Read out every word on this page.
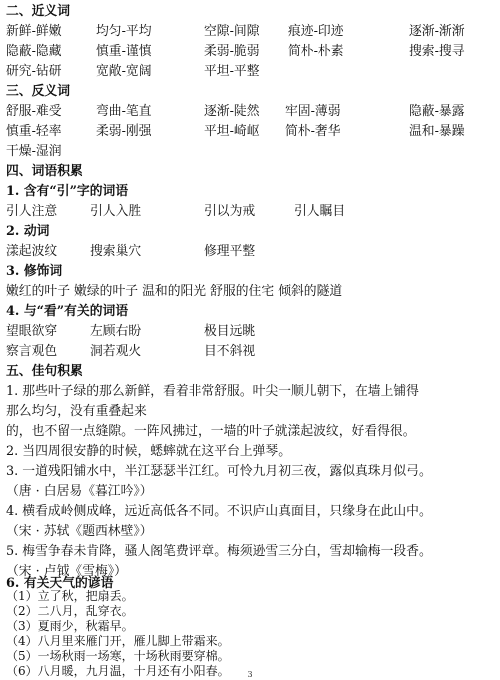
二、近义词
新鲜-鲜嫩	均匀-平均	空隙-间隙 痕迹-印迹	逐渐-渐渐
隐蔽-隐藏	慎重-谨慎	柔弱-脆弱 简朴-朴素	搜索-搜寻
研究-钻研	宽敞-宽阔	平坦-平整
三、反义词
舒服-难受	弯曲-笔直	逐渐-陡然 牢固-薄弱	隐蔽-暴露
慎重-轻率	柔弱-刚强	平坦-崎岖 简朴-奢华	温和-暴躁
干燥-湿润
四、词语积累
1. 含有“引”字的词语
引人注意	引人入胜	引以为戒	引人瞩目
2. 动词
漾起波纹	搜索巢穴	修理平整
3. 修饰词
嫩红的叶子 嫩绿的叶子 温和的阳光 舒服的住宅 倾斜的隧道
4. 与“看”有关的词语
望眼欲穿	左顾右盼	极目远眺
察言观色	洞若观火	目不斜视
五、佳句积累
1. 那些叶子绿的那么新鲜，看着非常舒服。叶尖一顺儿朝下，在墙上铺得
那么均匀，没有重叠起来
的，也不留一点缝隙。一阵风拂过，一墙的叶子就漾起波纹，好看得很。
2. 当四周很安静的时候，蟋蟀就在这平台上弹琴。
3. 一道残阳铺水中，半江瑟瑟半江红。可怜九月初三夜，露似真珠月似弓。
（唐 · 白居易《暮江吟》）
4. 横看成岭侧成峰，远近高低各不同。不识庐山真面目，只缘身在此山中。
（宋 · 苏轼《题西林壁》）
5. 梅雪争春未肯降，骚人阁笔费评章。梅须逊雪三分白，雪却输梅一段香。
（宋 · 卢钺《雪梅》）
6. 有关天气的谚语
3
（1）立了秋，把扇丢。
（2）二八月，乱穿衣。
（3）夏雨少，秋霜早。
（4）八月里来雁门开，雁儿脚上带霜来。
（5）一场秋雨一场寒，十场秋雨要穿棉。
（6）八月暖，九月温，十月还有小阳春。
